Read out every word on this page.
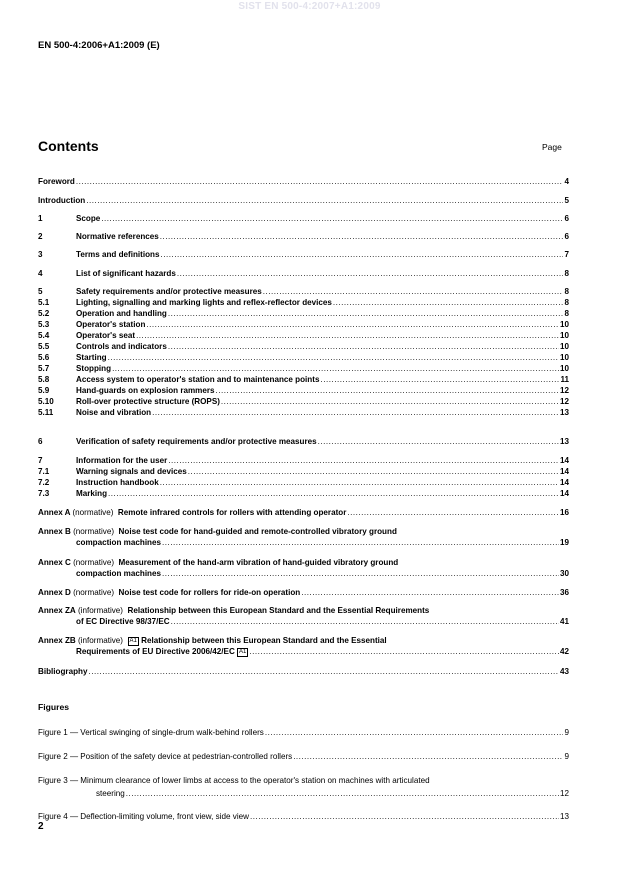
SIST EN 500-4:2007+A1:2009
EN 500-4:2006+A1:2009 (E)
Contents	Page
Foreword .....	4
Introduction .....	5
1	Scope .....	6
2	Normative references .....	6
3	Terms and definitions .....	7
4	List of significant hazards .....	8
5	Safety requirements and/or protective measures .....	8
5.1	Lighting, signalling and marking lights and reflex-reflector devices .....	8
5.2	Operation and handling .....	8
5.3	Operator's station .....	10
5.4	Operator's seat .....	10
5.5	Controls and indicators .....	10
5.6	Starting .....	10
5.7	Stopping .....	10
5.8	Access system to operator's station and to maintenance points .....	11
5.9	Hand-guards on explosion rammers .....	12
5.10	Roll-over protective structure (ROPS) .....	12
5.11	Noise and vibration .....	13
6	Verification of safety requirements and/or protective measures .....	13
7	Information for the user .....	14
7.1	Warning signals and devices .....	14
7.2	Instruction handbook .....	14
7.3	Marking .....	14
Annex A (normative) Remote infrared controls for rollers with attending operator .....	16
Annex B (normative) Noise test code for hand-guided and remote-controlled vibratory ground
compaction machines .....	19
Annex C (normative) Measurement of the hand-arm vibration of hand-guided vibratory ground
compaction machines .....	30
Annex D (normative) Noise test code for rollers for ride-on operation .....	36
Annex ZA (informative) Relationship between this European Standard and the Essential Requirements
of EC Directive 98/37/EC .....	41
Annex ZB (informative) A1 Relationship between this European Standard and the Essential
Requirements of EU Directive 2006/42/EC A1 .....	42
Bibliography .....	43
Figures
Figure 1 — Vertical swinging of single-drum walk-behind rollers .....	9
Figure 2 — Position of the safety device at pedestrian-controlled rollers .....	9
Figure 3 — Minimum clearance of lower limbs at access to the operator's station on machines with articulated
steering .....	12
Figure 4 — Deflection-limiting volume, front view, side view .....	13
2
